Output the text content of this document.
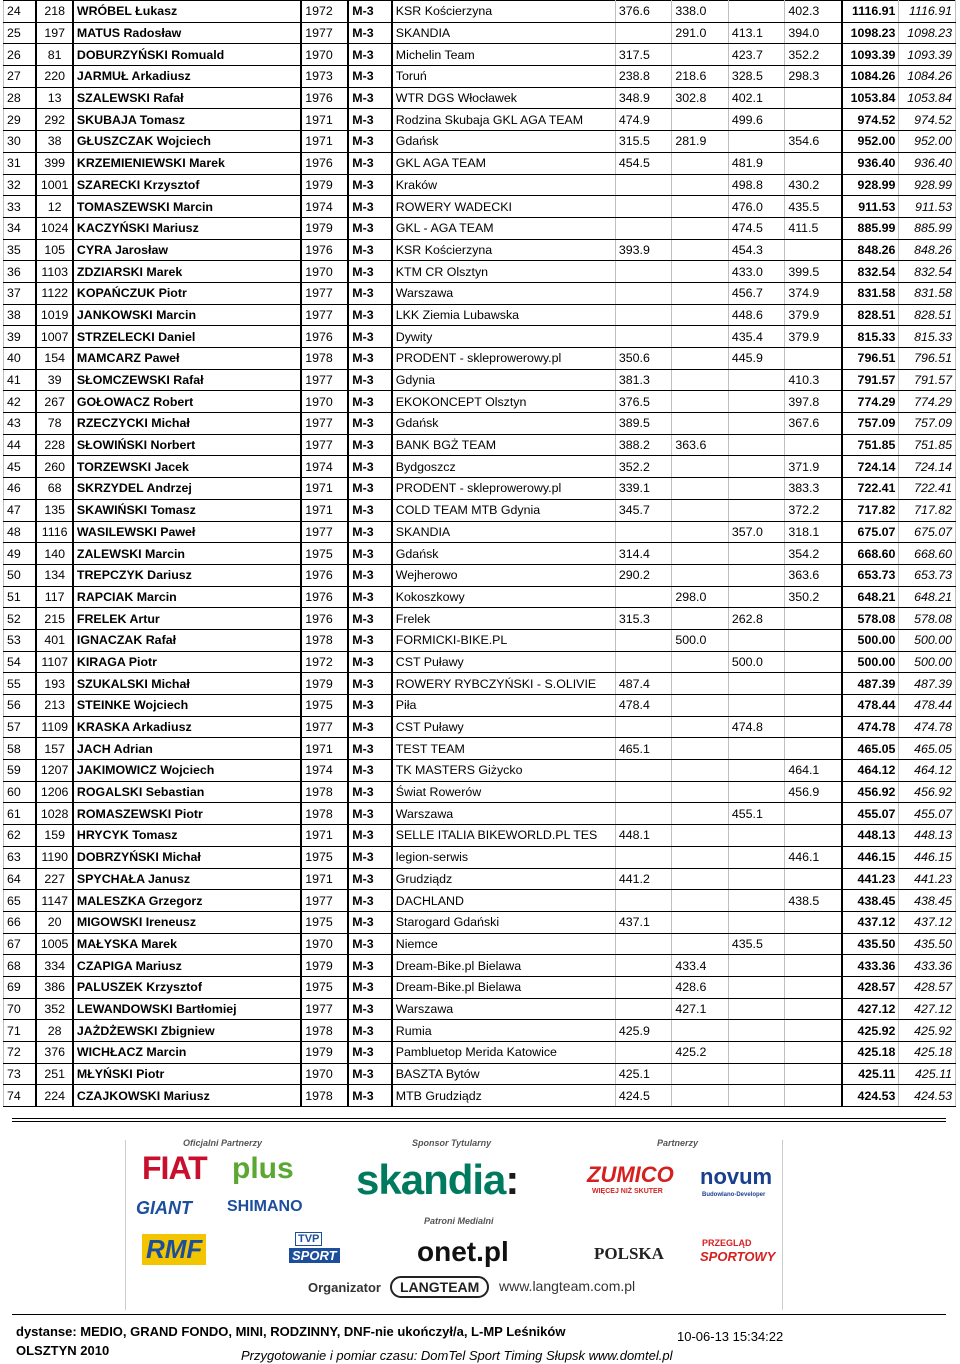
24	218	WRÓBEL Łukasz	1972	M-3	KSR Kościerzyna	376.6	338.0		402.3	1116.91	1116.91
25	197	MATUS Radosław	1977	M-3	SKANDIA		291.0	413.1	394.0	1098.23	1098.23
26	81	DOBURZYŃSKI Romuald	1970	M-3	Michelin Team	317.5		423.7	352.2	1093.39	1093.39
27	220	JARMUŁ Arkadiusz	1973	M-3	Toruń	238.8	218.6	328.5	298.3	1084.26	1084.26
28	13	SZALEWSKI Rafał	1976	M-3	WTR DGS Włocławek	348.9	302.8	402.1		1053.84	1053.84
29	292	SKUBAJA Tomasz	1971	M-3	Rodzina Skubaja GKL AGA TEAM	474.9		499.6		974.52	974.52
30	38	GŁUSZCZAK Wojciech	1971	M-3	Gdańsk	315.5	281.9		354.6	952.00	952.00
31	399	KRZEMIENIEWSKI Marek	1976	M-3	GKL AGA TEAM	454.5		481.9		936.40	936.40
32	1001	SZARECKI Krzysztof	1979	M-3	Kraków			498.8	430.2	928.99	928.99
33	12	TOMASZEWSKI Marcin	1974	M-3	ROWERY WADECKI			476.0	435.5	911.53	911.53
34	1024	KACZYŃSKI Mariusz	1979	M-3	GKL - AGA TEAM			474.5	411.5	885.99	885.99
35	105	CYRA Jarosław	1976	M-3	KSR Kościerzyna	393.9		454.3		848.26	848.26
36	1103	ZDZIARSKI Marek	1970	M-3	KTM CR Olsztyn			433.0	399.5	832.54	832.54
37	1122	KOPAŃCZUK Piotr	1977	M-3	Warszawa			456.7	374.9	831.58	831.58
38	1019	JANKOWSKI Marcin	1977	M-3	LKK Ziemia Lubawska			448.6	379.9	828.51	828.51
39	1007	STRZELECKI Daniel	1976	M-3	Dywity			435.4	379.9	815.33	815.33
40	154	MAMCARZ Paweł	1978	M-3	PRODENT - skleprowerowy.pl	350.6		445.9		796.51	796.51
41	39	SŁOMCZEWSKI Rafał	1977	M-3	Gdynia	381.3			410.3	791.57	791.57
42	267	GOŁOWACZ Robert	1970	M-3	EKOKONCEPT Olsztyn	376.5			397.8	774.29	774.29
43	78	RZECZYCKI Michał	1977	M-3	Gdańsk	389.5			367.6	757.09	757.09
44	228	SŁOWIŃSKI Norbert	1977	M-3	BANK BGŻ TEAM	388.2	363.6			751.85	751.85
45	260	TORZEWSKI Jacek	1974	M-3	Bydgoszcz	352.2			371.9	724.14	724.14
46	68	SKRZYDEL Andrzej	1971	M-3	PRODENT - skleprowerowy.pl	339.1			383.3	722.41	722.41
47	135	SKAWIŃSKI Tomasz	1971	M-3	COLD TEAM MTB Gdynia	345.7			372.2	717.82	717.82
48	1116	WASILEWSKI Paweł	1977	M-3	SKANDIA			357.0	318.1	675.07	675.07
49	140	ZALEWSKI Marcin	1975	M-3	Gdańsk	314.4			354.2	668.60	668.60
50	134	TREPCZYK Dariusz	1976	M-3	Wejherowo	290.2			363.6	653.73	653.73
51	117	RAPCIAK Marcin	1976	M-3	Kokoszkowy		298.0		350.2	648.21	648.21
52	215	FRELEK Artur	1976	M-3	Frelek	315.3		262.8		578.08	578.08
53	401	IGNACZAK Rafał	1978	M-3	FORMICKI-BIKE.PL		500.0			500.00	500.00
54	1107	KIRAGA Piotr	1972	M-3	CST Puławy			500.0		500.00	500.00
55	193	SZUKALSKI Michał	1979	M-3	ROWERY RYBCZYŃSKI - S.OLIVIE	487.4				487.39	487.39
56	213	STEINKE Wojciech	1975	M-3	Piła	478.4				478.44	478.44
57	1109	KRASKA Arkadiusz	1977	M-3	CST Puławy			474.8		474.78	474.78
58	157	JACH Adrian	1971	M-3	TEST TEAM	465.1				465.05	465.05
59	1207	JAKIMOWICZ Wojciech	1974	M-3	TK MASTERS Giżycko				464.1	464.12	464.12
60	1206	ROGALSKI Sebastian	1978	M-3	Świat Rowerów				456.9	456.92	456.92
61	1028	ROMASZEWSKI Piotr	1978	M-3	Warszawa			455.1		455.07	455.07
62	159	HRYCYK Tomasz	1971	M-3	SELLE ITALIA BIKEWORLD.PL TES	448.1				448.13	448.13
63	1190	DOBRZYŃSKI Michał	1975	M-3	legion-serwis				446.1	446.15	446.15
64	227	SPYCHAŁA Janusz	1971	M-3	Grudziądz	441.2				441.23	441.23
65	1147	MALESZKA Grzegorz	1977	M-3	DACHLAND				438.5	438.45	438.45
66	20	MIGOWSKI Ireneusz	1975	M-3	Starogard Gdański	437.1				437.12	437.12
67	1005	MAŁYSKA Marek	1970	M-3	Niemce			435.5		435.50	435.50
68	334	CZAPIGA Mariusz	1979	M-3	Dream-Bike.pl Bielawa		433.4			433.36	433.36
69	386	PALUSZEK Krzysztof	1975	M-3	Dream-Bike.pl Bielawa		428.6			428.57	428.57
70	352	LEWANDOWSKI Bartłomiej	1977	M-3	Warszawa		427.1			427.12	427.12
71	28	JAŻDŻEWSKI Zbigniew	1978	M-3	Rumia	425.9				425.92	425.92
72	376	WICHŁACZ Marcin	1979	M-3	Pambluetop Merida Katowice		425.2			425.18	425.18
73	251	MŁYŃSKI Piotr	1970	M-3	BASZTA Bytów	425.1				425.11	425.11
74	224	CZAJKOWSKI Mariusz	1978	M-3	MTB Grudziądz	424.5				424.53	424.53
Oficjalni Partnerzy	Sponsor Tytularny	Partnerzy
Patroni Medialni
Organizator
FIAT plus
GIANT SHIMANO
skandia:	ZUMICO
WIĘCEJ NIŻ SKUTER
novum
Budowlano-Developer
RMF	TVP
SPORT	onet.pl	POLSKA
PRZEGLĄD
SPORTOWY
LANGTEAM	www.langteam.com.pl
dystanse: MEDIO, GRAND FONDO, MINI, RODZINNY, DNF-nie ukończył/a, L-MP Leśników
OLSZTYN 2010
10-06-13 15:34:22
Przygotowanie i pomiar czasu: DomTel Sport Timing Słupsk www.domtel.pl
